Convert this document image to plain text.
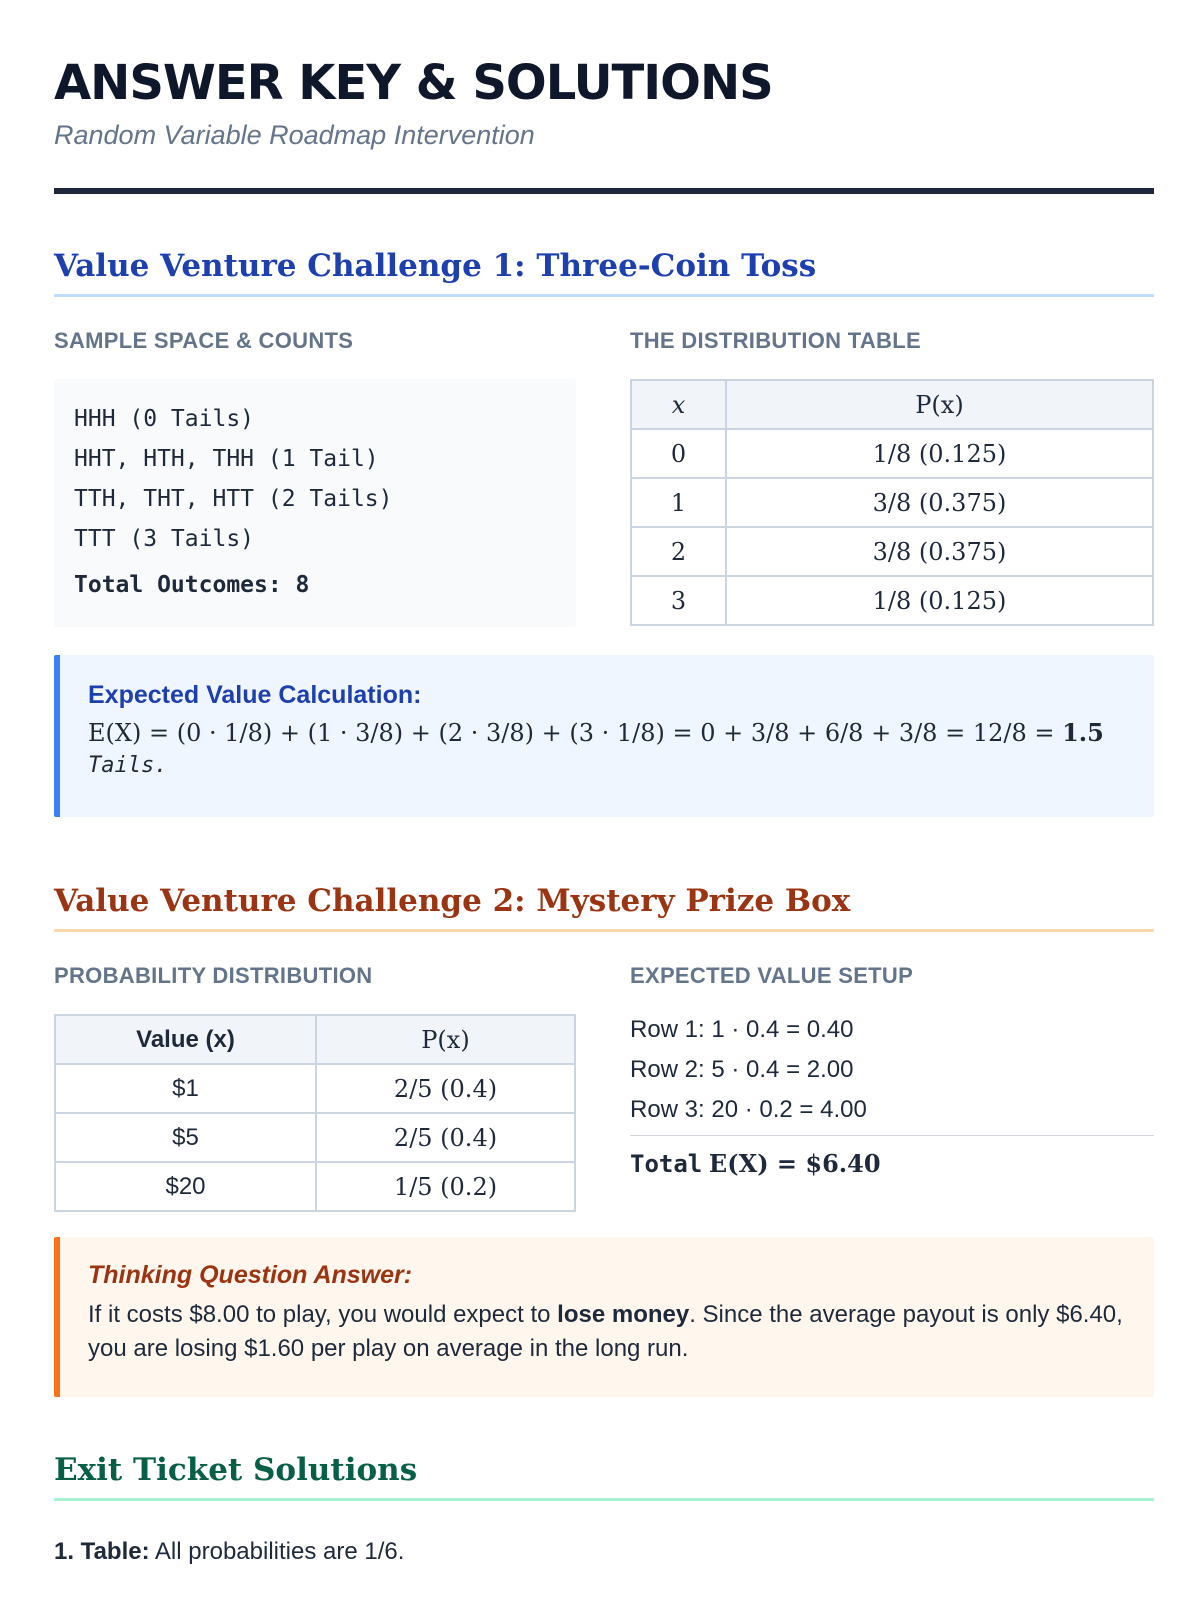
ANSWER KEY & SOLUTIONS
Random Variable Roadmap Intervention
Value Venture Challenge 1: Three-Coin Toss
SAMPLE SPACE & COUNTS	THE DISTRIBUTION TABLE
HHH (0 Tails)
HHT, HTH, THH (1 Tail)
TTH, THT, HTT (2 Tails)
TTT (3 Tails)
Total Outcomes: 8
x	P(x)
0	1/8 (0.125)
1	3/8 (0.375)
2	3/8 (0.375)
3	1/8 (0.125)
Expected Value Calculation:
E(X) = (0 · 1/8) + (1 · 3/8) + (2 · 3/8) + (3 · 1/8) = 0 + 3/8 + 6/8 + 3/8 = 12/8 = 1.5
Tails.
Value Venture Challenge 2: Mystery Prize Box
PROBABILITY DISTRIBUTION	EXPECTED VALUE SETUP
Value (x)	P(x)
$1	2/5 (0.4)
$5	2/5 (0.4)
$20	1/5 (0.2)
Row 1: 1 · 0.4 = 0.40
Row 2: 5 · 0.4 = 2.00
Row 3: 20 · 0.2 = 4.00
Total E(X) = $6.40
Thinking Question Answer:
If it costs $8.00 to play, you would expect to lose money. Since the average payout is only $6.40, you are losing $1.60 per play on average in the long run.
Exit Ticket Solutions
1. Table: All probabilities are 1/6.
